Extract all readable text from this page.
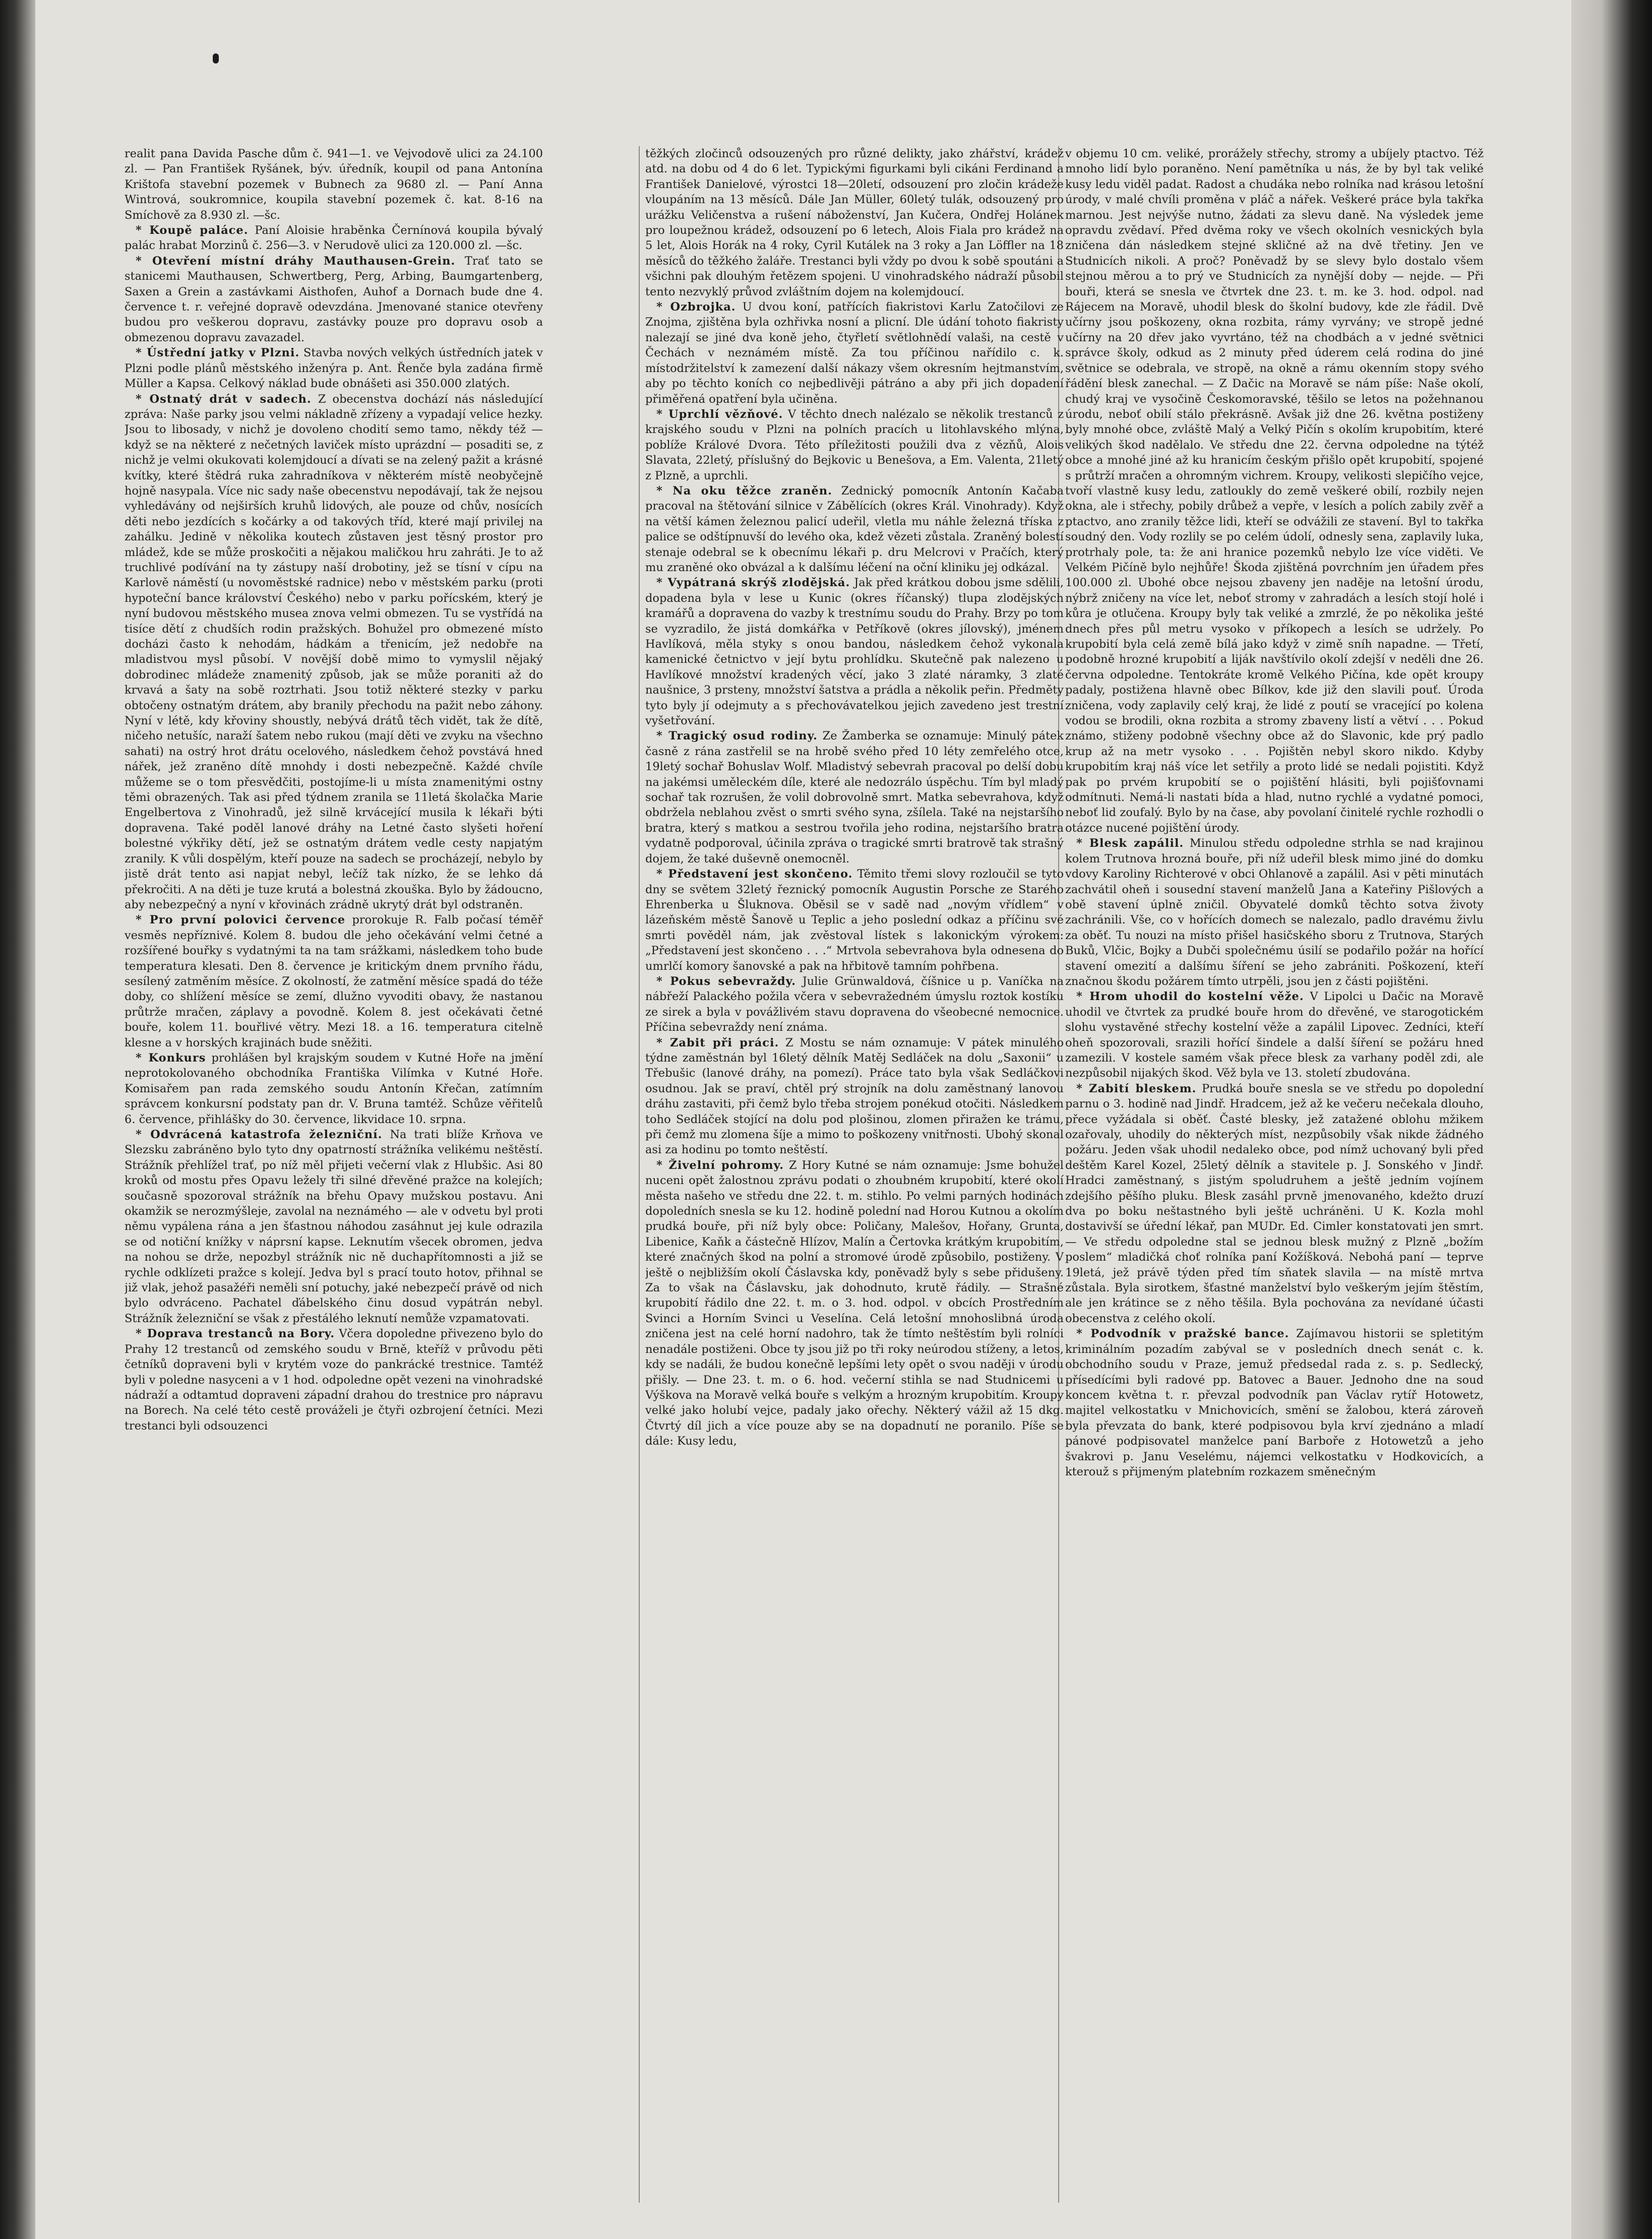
realit pana Davida Pasche dům č. 941—1. ve Vejvodově ulici za 24.100 zl. — Pan František Ryšánek, býv. úředník, koupil od pana Antonína Krištofa stavební pozemek v Bubnech za 9680 zl. — Paní Anna Wintrová, soukromnice, koupila stavební pozemek č. kat. 8-16 na Smíchově za 8.930 zl. —šc.

* Koupě paláce. Paní Aloisie hraběnka Černínová koupila bývalý palác hrabat Morzinů č. 256—3. v Nerudově ulici za 120.000 zl. —šc.

* Otevření místní dráhy Mauthausen-Grein. Trať tato se stanicemi Mauthausen, Schwertberg, Perg, Arbing, Baumgartenberg, Saxen a Grein a zastávkami Aisthofen, Auhof a Dornach bude dne 4. července t. r. veřejné dopravě odevzdána. Jmenované stanice otevřeny budou pro veškerou dopravu, zastávky pouze pro dopravu osob a obmezenou dopravu zavazadel.

* Ústřední jatky v Plzni. Stavba nových velkých ústředních jatek v Plzni podle plánů městského inženýra p. Ant. Řenče byla zadána firmě Müller a Kapsa. Celkový náklad bude obnášeti asi 350.000 zlatých.

* Ostnatý drát v sadech. Z obecenstva dochází nás následující zpráva: Naše parky jsou velmi nákladně zřízeny a vypadají velice hezky. Jsou to libosady, v nichž je dovoleno chodití semo tamo, někdy též — když se na některé z nečetných laviček místo uprázdní — posaditi se, z nichž je velmi okukovati kolemjdoucí a dívati se na zelený pažit a krásné kvítky, které štědrá ruka zahradníkova v některém místě neobyčejně hojně nasypala. Více nic sady naše obecenstvu nepodávají, tak že nejsou vyhledávány od nejširších kruhů lidových, ale pouze od chův, nosících děti nebo jezdících s kočárky a od takových tříd, které mají privilej na zahálku. Jedině v několika koutech zůstaven jest těsný prostor pro mládež, kde se může proskočiti a nějakou maličkou hru zahráti. Je to až truchlivé podívání na ty zástupy naší drobotiny, jež se tísní v cípu na Karlově náměstí (u novoměstské radnice) nebo v městském parku (proti hypoteční bance království Českého) nebo v parku pořícském, který je nyní budovou městského musea znova velmi obmezen. Tu se vystřídá na tisíce dětí z chudších rodin pražských. Bohužel pro obmezené místo docházi často k nehodám, hádkám a třenicím, jež nedobře na mladistvou mysl působí. V novější době mimo to vymyslil nějaký dobrodinec mládeže znamenitý způsob, jak se může poraniti až do krvavá a šaty na sobě roztrhati. Jsou totiž některé stezky v parku obtočeny ostnatým drátem, aby branily přechodu na pažit nebo záhony. Nyní v létě, kdy křoviny shoustly, nebývá drátů těch vidět, tak že dítě, ničeho netušíc, naraží šatem nebo rukou (mají děti ve zvyku na všechno sahati) na ostrý hrot drátu ocelového, následkem čehož povstává hned nářek, jež zraněno dítě mnohdy i dosti nebezpečně. Každé chvíle můžeme se o tom přesvědčiti, postojíme-li u místa znamenitými ostny těmi obrazených. Tak asi před týdnem zranila se 11letá školačka Marie Engelbertova z Vinohradů, jež silně krvácející musila k lékaři býti dopravena. Také poděl lanové dráhy na Letné často slyšeti hoření bolestné výkřiky dětí, jež se ostnatým drátem vedle cesty napjatým zranily. K vůli dospělým, kteří pouze na sadech se procházejí, nebylo by jistě drát tento asi napjat nebyl, lečíž tak nízko, že se lehko dá překročiti. A na děti je tuze krutá a bolestná zkouška. Bylo by žádoucno, aby nebezpečný a nyní v křovinách zrádně ukrytý drát byl odstraněn.

* Pro první polovici července prorokuje R. Falb počasí téměř vesměs nepříznivé. Kolem 8. budou dle jeho očekávání velmi četné a rozšířené bouřky s vydatnými ta na tam srážkami, následkem toho bude temperatura klesati. Den 8. července je kritickým dnem prvního řádu, sesílený zatměním měsíce. Z okolností, že zatmění měsíce spadá do téže doby, co shlížení měsíce se zemí, dlužno vyvoditi obavy, že nastanou průtrže mračen, záplavy a povodně. Kolem 8. jest očekávati četné bouře, kolem 11. bouřlivé větry. Mezi 18. a 16. temperatura citelně klesne a v horských krajinách bude sněžiti.

* Konkurs prohlášen byl krajským soudem v Kutné Hoře na jmění neprotokolovaného obchodníka Františka Vilímka v Kutné Hoře. Komisařem pan rada zemského soudu Antonín Křečan, zatímním správcem konkursní podstaty pan dr. V. Bruna tamtéž. Schůze věřitelů 6. července, přihlášky do 30. července, likvidace 10. srpna.

* Odvrácená katastrofa železniční. Na trati blíže Krňova ve Slezsku zabráněno bylo tyto dny opatrností strážníka velikému neštěstí. Strážník přehlížel trať, po níž měl přijeti večerní vlak z Hlubšic. Asi 80 kroků od mostu přes Opavu ležely tři silné dřevěné pražce na kolejích; současně spozoroval strážník na břehu Opavy mužskou postavu. Ani okamžik se nerozmýšleje, zavolal na neznámého — ale v odvetu byl proti němu vypálena rána a jen šťastnou náhodou zasáhnut jej kule odrazila se od notiční knížky v náprsní kapse. Leknutím všecek obromen, jedva na nohou se drže, nepozbyl strážník nic ně duchapřítomnosti a již se rychle odklízeti pražce s kolejí. Jedva byl s prací touto hotov, přihnal se již vlak, jehož pasažéři neměli sní potuchy, jaké nebezpečí právě od nich bylo odvráceno. Pachatel ďábelského činu dosud vypátrán nebyl. Strážník železniční se však z přestálého leknutí nemůže vzpamatovati.

* Doprava trestanců na Bory. Včera dopoledne přivezeno bylo do Prahy 12 trestanců od zemského soudu v Brně, kteříž v průvodu pěti četníků dopraveni byli v krytém voze do pankrácké trestnice. Tamtéž byli v poledne nasyceni a v 1 hod. odpoledne opět vezeni na vinohradské nádraží a odtamtud dopraveni západní drahou do trestnice pro nápravu na Borech. Na celé této cestě prováželi je čtyři ozbrojení četníci. Mezi trestanci byli odsouzenci

těžkých zločinců odsouzených pro různé delikty, jako zhářství, krádež atd. na dobu od 4 do 6 let. Typickými figurkami byli cikáni Ferdinand a František Danielové, výrostci 18—20letí, odsouzení pro zločin krádeže vloupáním na 13 měsíců. Dále Jan Müller, 60letý tulák, odsouzený pro urážku Veličenstva a rušení náboženství, Jan Kučera, Ondřej Holánek pro loupežnou krádež, odsouzení po 6 letech, Alois Fiala pro krádež na 5 let, Alois Horák na 4 roky, Cyril Kutálek na 3 roky a Jan Löffler na 18 měsíců do těžkého žaláře. Trestanci byli vždy po dvou k sobě spoutáni a všichni pak dlouhým řetězem spojeni. U vinohradského nádraží působil tento nezvyklý průvod zvláštním dojem na kolemjdoucí.

* Ozbrojka. U dvou koní, patřících fiakristovi Karlu Zatočilovi ze Znojma, zjištěna byla ozhřivka nosní a plicní. Dle údání tohoto fiakristy nalezají se jiné dva koně jeho, čtyřletí světlohnědí valaši, na cestě v Čechách v neznámém místě. Za tou příčinou nařídilo c. k. místodržitelství k zamezení další nákazy všem okresním hejtmanstvím, aby po těchto koních co nejbedlivěji pátráno a aby při jich dopadení přiměřená opatření byla učiněna.

* Uprchlí vězňové. V těchto dnech nalézalo se několik trestanců z krajského soudu v Plzni na polních pracích u litohlavského mlýna, poblíže Králové Dvora. Této příležitosti použili dva z vězňů, Alois Slavata, 22letý, příslušný do Bejkovic u Benešova, a Em. Valenta, 21letý z Plzně, a uprchli.

* Na oku těžce zraněn. Zednický pomocník Antonín Kačaba pracoval na štětování silnice v Zábělících (okres Král. Vinohrady). Když na větší kámen železnou palicí udeřil, vletla mu náhle železná tříska z palice se odštípnuvší do levého oka, kdež vězeti zůstala. Zraněný bolestí stenaje odebral se k obecnímu lékaři p. dru Melcrovi v Pračích, který mu zraněné oko obvázal a k dalšímu léčení na oční kliniku jej odkázal.

* Vypátraná skrýš zlodějská. Jak před krátkou dobou jsme sdělili, dopadena byla v lese u Kunic (okres říčanský) tlupa zlodějských kramářů a dopravena do vazby k trestnímu soudu do Prahy. Brzy po tom se vyzradilo, že jistá domkářka v Petříkově (okres jílovský), jménem Havlíková, měla styky s onou bandou, následkem čehož vykonala kamenické četnictvo v její bytu prohlídku. Skutečně pak nalezeno u Havlíkové množství kradených věcí, jako 3 zlaté náramky, 3 zlaté naušnice, 3 prsteny, množství šatstva a prádla a několik peřin. Předměty tyto byly jí odejmuty a s přechovávatelkou jejich zavedeno jest trestní vyšetřování.

* Tragický osud rodiny. Ze Žamberka se oznamuje: Minulý pátek časně z rána zastřelil se na hrobě svého před 10 léty zemřelého otce, 19letý sochař Bohuslav Wolf. Mladistvý sebevrah pracoval po delší dobu na jakémsi uměleckém díle, které ale nedozrálo úspěchu. Tím byl mladý sochař tak rozrušen, že volil dobrovolně smrt. Matka sebevrahova, když obdržela neblahou zvěst o smrti svého syna, zšílela. Také na nejstaršího bratra, který s matkou a sestrou tvořila jeho rodina, nejstaršího bratra vydatně podporoval, účinila zpráva o tragické smrti bratrově tak strašný dojem, že také duševně onemocněl.

* Představení jest skončeno. Těmito třemi slovy rozloučil se tyto dny se světem 32letý řeznický pomocník Augustin Porsche ze Starého Ehrenberka u Šluknova. Oběsil se v sadě nad „novým vřídlem“ v lázeňském městě Šanově u Teplic a jeho poslední odkaz a příčinu své smrti pověděl nám, jak zvěstoval lístek s lakonickým výrokem: „Představení jest skončeno . . .“ Mrtvola sebevrahova byla odnesena do umrlčí komory šanovské a pak na hřbitově tamním pohřbena.

* Pokus sebevraždy. Julie Grünwaldová, číšnice u p. Vaníčka na nábřeží Palackého požila včera v sebevražedném úmyslu roztok kostíku ze sirek a byla v povážlivém stavu dopravena do všeobecné nemocnice. Příčina sebevraždy není známa.

* Zabit při práci. Z Mostu se nám oznamuje: V pátek minulého týdne zaměstnán byl 16letý dělník Matěj Sedláček na dolu „Saxonii“ u Třebušic (lanové dráhy, na pomezí). Práce tato byla však Sedláčkovi osudnou. Jak se praví, chtěl prý strojník na dolu zaměstnaný lanovou dráhu zastaviti, při čemž bylo třeba strojem ponékud otočiti. Následkem toho Sedláček stojící na dolu pod plošinou, zlomen přiražen ke trámu, při čemž mu zlomena šíje a mimo to poškozeny vnitřnosti. Ubohý skonal asi za hodinu po tomto neštěstí.

* Živelní pohromy. Z Hory Kutné se nám oznamuje: Jsme bohužel nuceni opět žalostnou zprávu podati o zhoubném krupobití, které okolí města našeho ve středu dne 22. t. m. stihlo. Po velmi parných hodinách dopoledních snesla se ku 12. hodině polední nad Horou Kutnou a okolím prudká bouře, při níž byly obce: Poličany, Malešov, Hořany, Grunta, Libenice, Kaňk a částečně Hlízov, Malín a Čertovka krátkým krupobitím, které značných škod na polní a stromové úrodě způsobilo, postiženy. V ještě o nejbližším okolí Čáslavska kdy, poněvadž byly s sebe přidušeny. Za to však na Čáslavsku, jak dohodnuto, krutě řádily. — Strašné krupobití řádilo dne 22. t. m. o 3. hod. odpol. v obcích Prostředním Svinci a Horním Svinci u Veselína. Celá letošní mnohoslibná úroda zničena jest na celé horní nadohro, tak že tímto neštěstím byli rolníci nenadále postiženi. Obce ty jsou již po tři roky neúrodou stíženy, a letos, kdy se nadáli, že budou konečně lepšími lety opět o svou naději v úrodu přišly. — Dne 23. t. m. o 6. hod. večerní stihla se nad Studnicemi u Výškova na Moravě velká bouře s velkým a hrozným krupobitím. Kroupy velké jako holubí vejce, padaly jako ořechy. Některý vážil až 15 dkg. Čtvrtý díl jich a více pouze aby se na dopadnutí ne poranilo. Píše se dále: Kusy ledu,

v objemu 10 cm. veliké, prorážely střechy, stromy a ubíjely ptactvo. Též mnoho lidí bylo poraněno. Není pamětníka u nás, že by byl tak veliké kusy ledu viděl padat. Radost a chudáka nebo rolníka nad krásou letošní úrody, v malé chvíli proměna v pláč a nářek. Veškeré práce byla takřka marnou. Jest nejvýše nutno, žádati za slevu daně. Na výsledek jeme opravdu zvědaví. Před dvěma roky ve všech okolních vesnických byla zničena dán následkem stejné skličné až na dvě třetiny. Jen ve Studnicích nikoli. A proč? Poněvadž by se slevy bylo dostalo všem stejnou měrou a to prý ve Studnicích za nynější doby — nejde. — Při bouři, která se snesla ve čtvrtek dne 23. t. m. ke 3. hod. odpol. nad Rájecem na Moravě, uhodil blesk do školní budovy, kde zle řádil. Dvě učírny jsou poškozeny, okna rozbita, rámy vyrvány; ve stropě jedné učírny na 20 dřev jako vyvrtáno, též na chodbách a v jedné světnici správce školy, odkud as 2 minuty před úderem celá rodina do jiné světnice se odebrala, ve stropě, na okně a rámu okenním stopy svého řádění blesk zanechal. — Z Dačic na Moravě se nám píše: Naše okolí, chudý kraj ve vysočině Českomoravské, těšilo se letos na požehnanou úrodu, neboť obilí stálo překrásně. Avšak již dne 26. května postiženy byly mnohé obce, zvláště Malý a Velký Pičín s okolím krupobitím, které velikých škod nadělalo. Ve středu dne 22. června odpoledne na týtéž obce a mnohé jiné až ku hranicím českým přišlo opět krupobití, spojené s průtrží mračen a ohromným vichrem. Kroupy, velikosti slepičího vejce, tvoří vlastně kusy ledu, zatloukly do země veškeré obilí, rozbily nejen okna, ale i střechy, pobily drůbež a vepře, v lesích a polích zabily zvěř a ptactvo, ano zranily těžce lidi, kteří se odvážili ze stavení. Byl to takřka soudný den. Vody rozlily se po celém údolí, odnesly sena, zaplavily luka, protrhaly pole, ta: že ani hranice pozemků nebylo lze více viděti. Ve Velkém Pičíně bylo nejhůře! Škoda zjištěná povrchním jen úřadem přes 100.000 zl. Ubohé obce nejsou zbaveny jen naděje na letošní úrodu, nýbrž zničeny na více let, neboť stromy v zahradách a lesích stojí holé i kůra je otlučena. Kroupy byly tak veliké a zmrzlé, že po několika ješté dnech přes půl metru vysoko v příkopech a lesích se udržely. Po krupobití byla celá země bílá jako když v zimě sníh napadne. — Třetí, podobně hrozné krupobití a liják navštívilo okolí zdejší v neděli dne 26. června odpoledne. Tentokráte kromě Velkého Pičína, kde opět kroupy padaly, postižena hlavně obec Bílkov, kde již den slavili pouť. Úroda zničena, vody zaplavily celý kraj, že lidé z poutí se vracející po kolena vodou se brodili, okna rozbita a stromy zbaveny listí a větví . . . Pokud známo, stiženy podobně všechny obce až do Slavonic, kde prý padlo krup až na metr vysoko . . . Pojištěn nebyl skoro nikdo. Kdyby krupobitím kraj náš více let setřily a proto lidé se nedali pojistiti. Když pak po prvém krupobití se o pojištění hlásiti, byli pojišťovnami odmítnuti. Nemá-li nastati bída a hlad, nutno rychlé a vydatné pomoci, neboť lid zoufalý. Bylo by na čase, aby povolaní činitelé rychle rozhodli o otázce nucené pojištění úrody.

* Blesk zapálil. Minulou středu odpoledne strhla se nad krajinou kolem Trutnova hrozná bouře, při níž udeřil blesk mimo jiné do domku vdovy Karoliny Richterové v obci Ohlanově a zapálil. Asi v pěti minutách zachvátil oheň i sousední stavení manželů Jana a Kateřiny Pišlových a obě stavení úplně zničil. Obyvatelé domků těchto sotva životy zachránili. Vše, co v hořících domech se nalezalo, padlo dravému živlu za oběť. Tu nouzi na místo přišel hasičského sboru z Trutnova, Starých Buků, Vlčic, Bojky a Dubči společnému úsilí se podařilo požár na hořící stavení omezití a dalšímu šíření se jeho zabrániti. Poškození, kteří značnou škodu požárem tímto utrpěli, jsou jen z části pojištěni.

* Hrom uhodil do kostelní věže. V Lipolci u Dačic na Moravě uhodil ve čtvrtek za prudké bouře hrom do dřevěné, ve starogotickém slohu vystavěné střechy kostelní věže a zapálil Lipovec. Zedníci, kteří oheň spozorovali, srazili hořící šindele a další šíření se požáru hned zamezili. V kostele samém však přece blesk za varhany poděl zdi, ale nezpůsobil nijakých škod. Věž byla ve 13. století zbudována.

* Zabití bleskem. Prudká bouře snesla se ve středu po dopolední parnu o 3. hodině nad Jindř. Hradcem, jež až ke večeru nečekala dlouho, přece vyžádala si oběť. Časté blesky, jež zatažené oblohu mžikem ozařovaly, uhodily do některých míst, nezpůsobily však nikde žádného požáru. Jeden však uhodil nedaleko obce, pod nímž uchovaný byli před deštěm Karel Kozel, 25letý dělník a stavitele p. J. Sonského v Jindř. Hradci zaměstnaný, s jistým spoludruhem a ještě jedním vojínem zdejšího pěšího pluku. Blesk zasáhl prvně jmenovaného, kdežto druzí dva po boku neštastného byli ještě uchráněni. U K. Kozla mohl dostavivší se úřední lékař, pan MUDr. Ed. Cimler konstatovati jen smrt. — Ve středu odpoledne stal se jednou blesk mužný z Plzně „božím poslem“ mladičká choť rolníka paní Kožíšková. Nebohá paní — teprve 19letá, jež právě týden před tím sňatek slavila — na místě mrtva zůstala. Byla sirotkem, šťastné manželství bylo veškerým jejím štěstím, ale jen krátince se z něho těšila. Byla pochována za nevídané účasti obecenstva z celého okolí.

* Podvodník v pražské bance. Zajímavou historii se spletitým kriminálním pozadím zabýval se v posledních dnech senát c. k. obchodního soudu v Praze, jemuž předsedal rada z. s. p. Sedlecký, přísedícími byli radové pp. Batovec a Bauer. Jednoho dne na soud koncem května t. r. převzal podvodník pan Václav rytíř Hotowetz, majitel velkostatku v Mnichovicích, smění se žalobou, která zároveň byla převzata do bank, které podpisovou byla krví zjednáno a mladí pánové podpisovatel manželce paní Barboře z Hotowetzů a jeho švakrovi p. Janu Veselému, nájemci velkostatku v Hodkovicích, a kterouž s přijmeným platebním rozkazem směnečným
